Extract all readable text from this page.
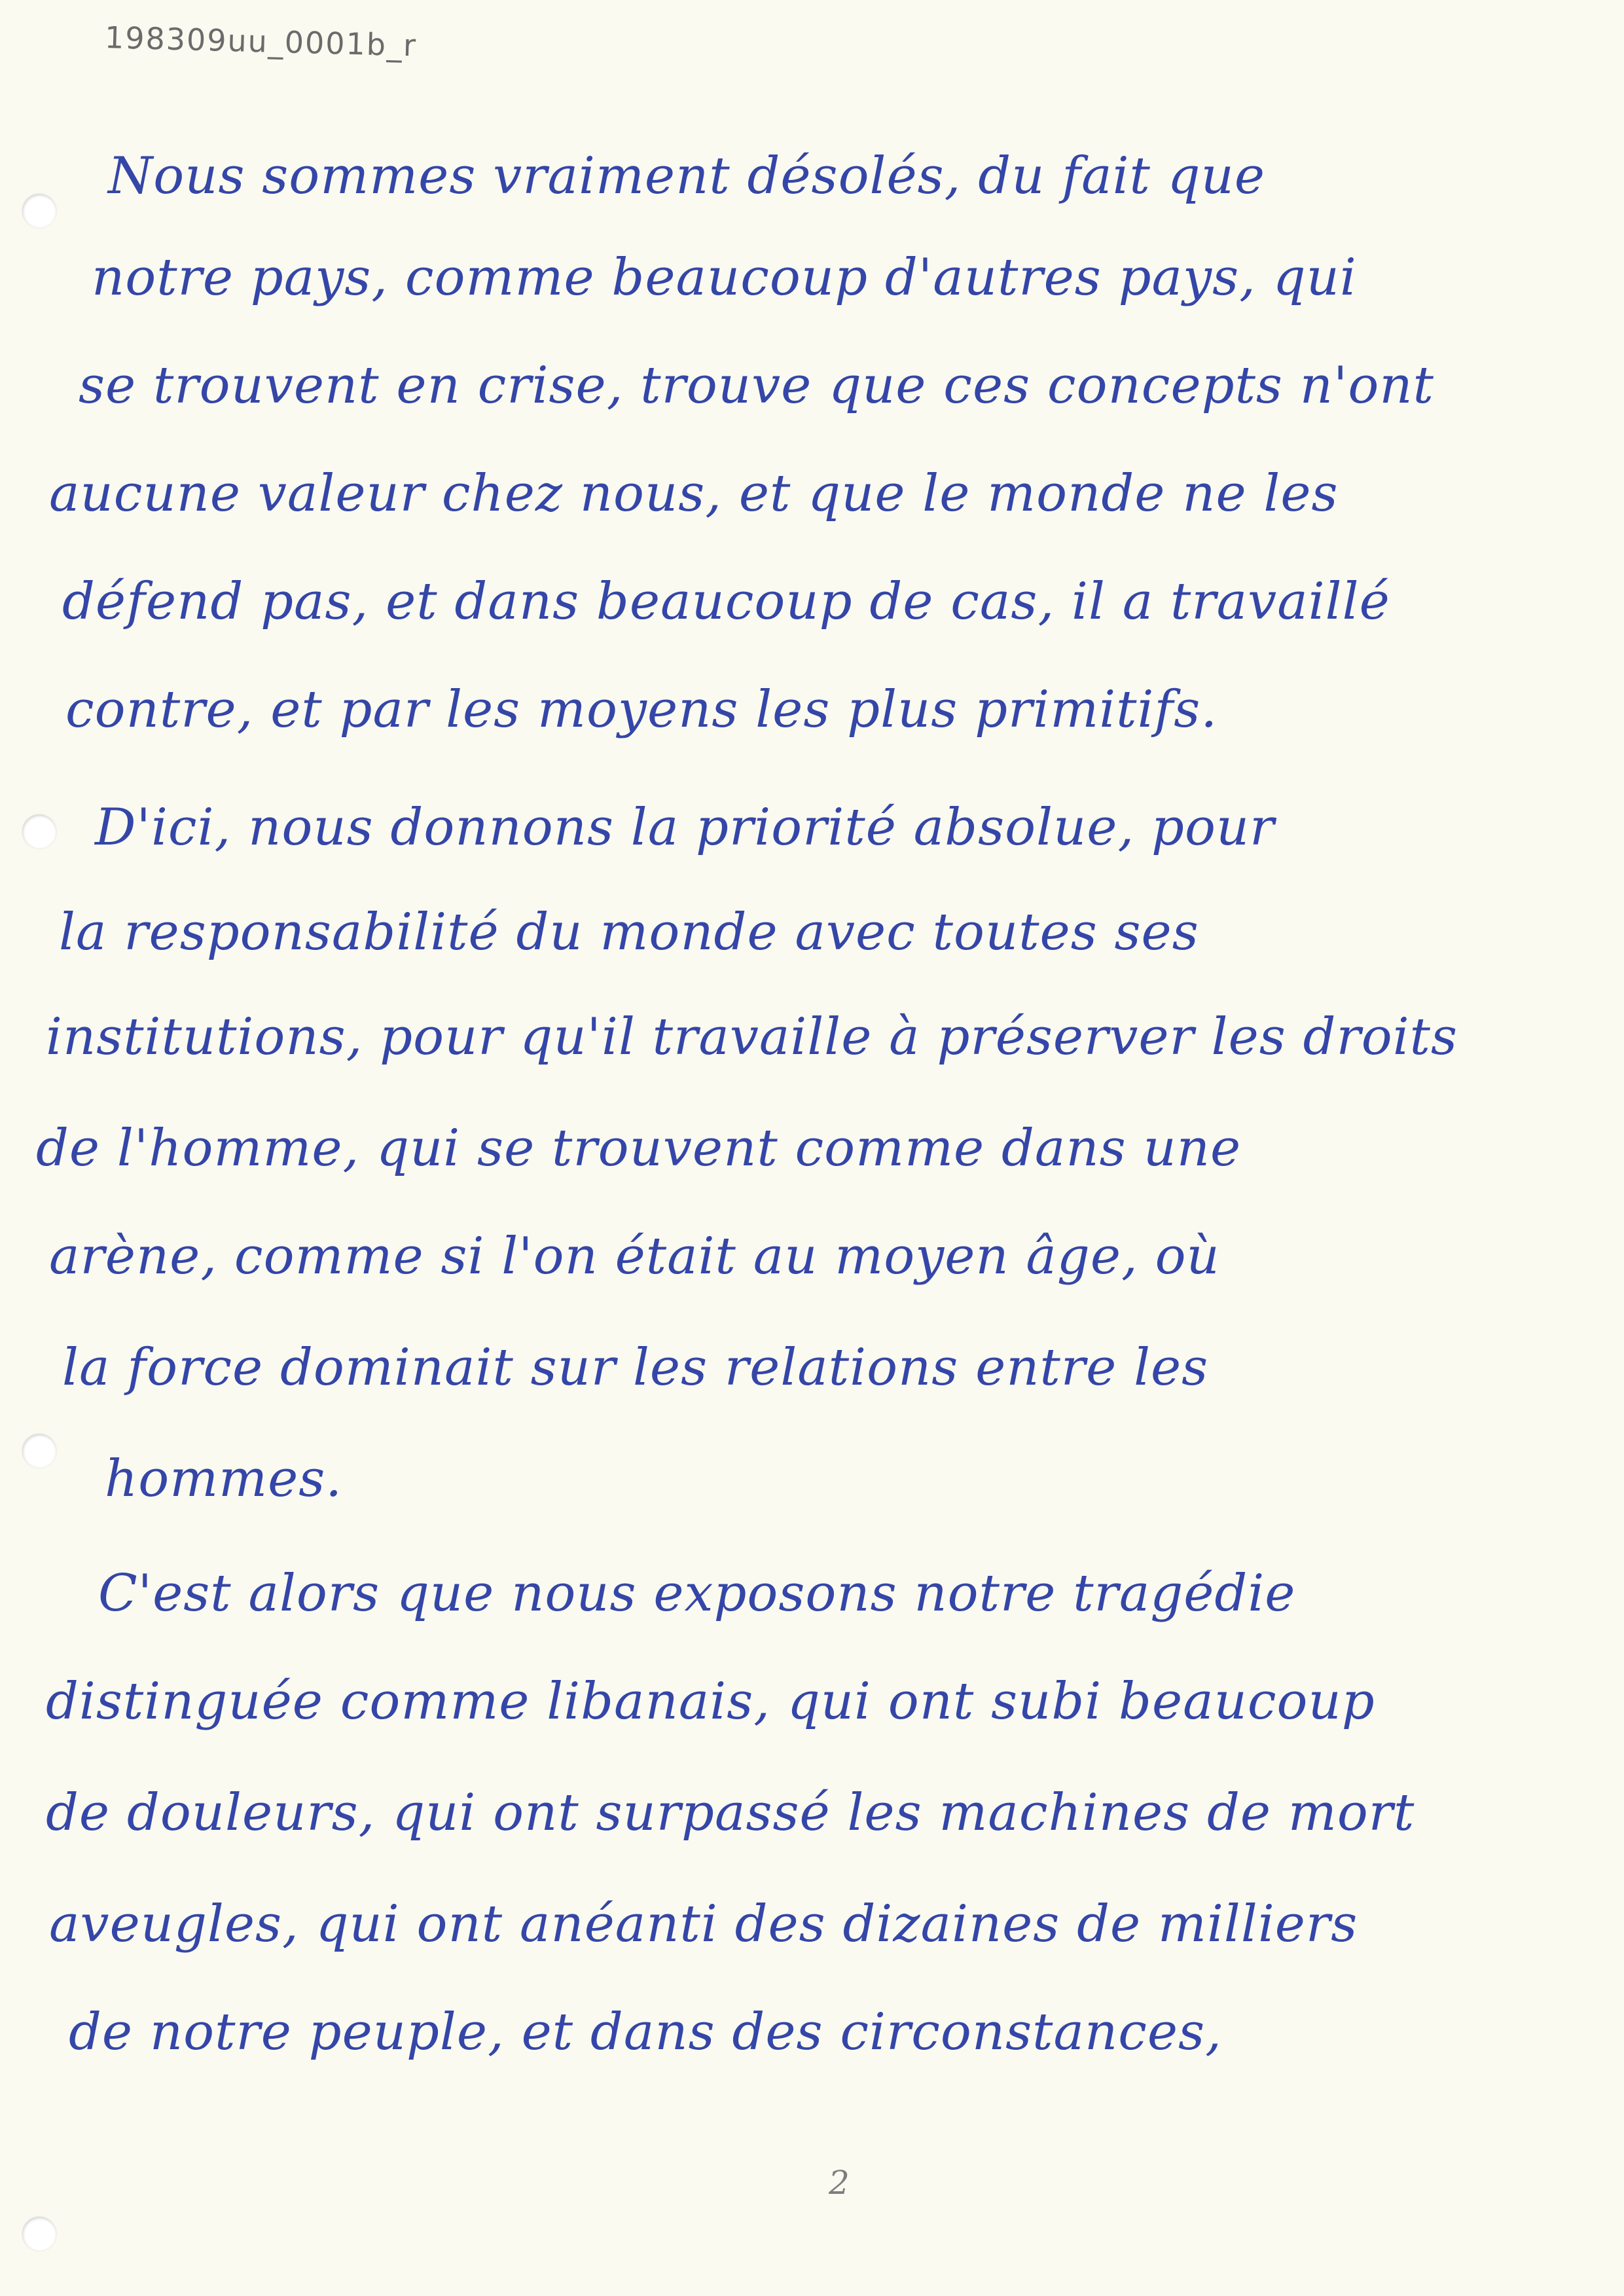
198309uu_0001b_r
Nous sommes vraiment désolés, du fait que
notre pays, comme beaucoup d'autres pays, qui
se trouvent en crise, trouve que ces concepts n'ont
aucune valeur chez nous, et que le monde ne les
défend pas, et dans beaucoup de cas, il a travaillé
contre, et par les moyens les plus primitifs.
D'ici, nous donnons la priorité absolue, pour
la responsabilité du monde avec toutes ses
institutions, pour qu'il travaille à préserver les droits
de l'homme, qui se trouvent comme dans une
arène, comme si l'on était au moyen âge, où
la force dominait sur les relations entre les
hommes.
C'est alors que nous exposons notre tragédie
distinguée comme libanais, qui ont subi beaucoup
de douleurs, qui ont surpassé les machines de mort
aveugles, qui ont anéanti des dizaines de milliers
de notre peuple, et dans des circonstances,
2
